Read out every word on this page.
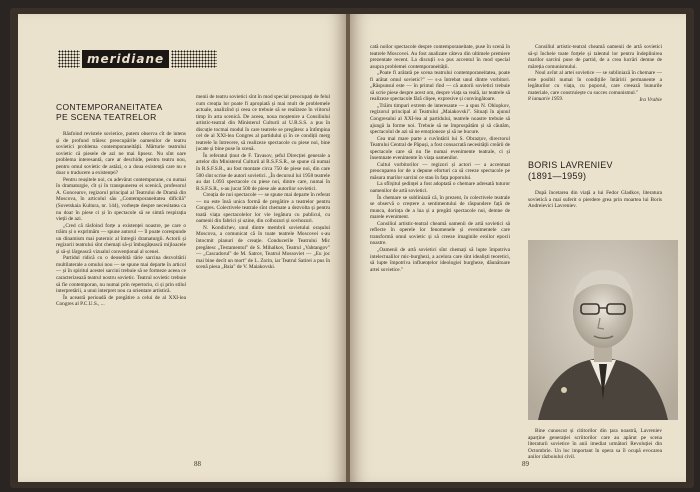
meridiane
CONTEMPORANEITATEA
PE SCENA TEATRELOR

Răsfoind revistele sovietice, putem observa cît de intens și de profund trăiesc preocupările oamenilor de teatru sovietici problema contemporaneității. Mărturie teatrului sovietic că piesele de azi ne mai lipsesc. Nu sînt oare problema interesantă, care ar deschide, pentru teatru nou, pentru omul sovietic de astăzi, o a doua existență care nu e doar o traducere a existenței?

Pentru reușitele noi, cu adevărat contemporane, cu numai în dramaturgie, cît și în transpunerea ei scenică, profesorul A. Goncearov, regizorul principal al Teatrului de Dramă din Moscova, în articolul său „Contemporaneitatea dificilă" (Sovetskaia Kultura, nr. 144), vorbește despre necesitatea ca nu doar în piese ci și în spectacole să se simtă respirația vieții de azi.

„Cred că răsfoind forțe a existenței noastre, pe care o trăim și o exprimăm — spune autorul — îl poate corespunde un dinamism mai puternic al întregii dramaturgii. Actorii și regizorii teatrului sînt chemați să-și îmbogățească mijloacele și să-și lărgească vizualul convențional al scenei.

Partidul ridică cu o deosebită tărie sarcina dezvoltării multilaterale a omului nou — se spune mai departe în articol — și în spiritul acestei sarcini trebuie să se formeze aceea ce caracterizează teatrul nostru sovietic. Teatrul sovietic trebuie să fie contemporan, nu numai prin repertoriu, ci și prin stilul interpretării, a unui interpret nou ca orientare artistică.

În această perioadă de pregătire a celui de al XXI-lea Congres al P.C.U.S., ...

menii de teatru sovietici sînt în mod special preocupați de felul cum creația lor poate fi apropiată și mai mult de problemele actuale, analizînd și ceea ce trebuie să se realizeze în viitorul timp în arta scenică. De aceea, noua moștenire a Consiliului artistic-teatral din Ministerul Culturii al U.R.S.S. a pus în discuție tocmai modul în care teatrele se pregătesc a întîmpina cel de al XXI-lea Congres al partidului și în ce condiții merg teatrele în întrecere, să realizeze spectacole cu piese noi, bine jucate și bine puse în scenă.

În referatul ținut de F. Tavasov, șeful Direcției generale a artelor din Ministerul Culturii al R.S.F.S.R., se spune că numai în R.S.F.S.R., au fost montate circa 750 de piese noi, din care 500 sînt scrise de autori sovietici. „În decursul lui 1958 teatrele au dat 1.093 spectacole cu piese noi, dintre care, numai în R.S.F.S.R., s-au jucat 500 de piese ale autorilor sovietici.

Creația de noi spectacole — se spune mai departe în referat — nu este însă unica formă de pregătire a teatrelor pentru Congres. Colectivele teatrale sînt chemate a dezvolta și pentru toată viața spectacolelor lor vie legătura cu publicul, cu oamenii din fabrici și uzine, din colhozuri și sovhozuri.

N. Kondichev, unul dintre membrii sovietului orașului Moscova, a comunicat că în toate teatrele Moscovei s-au întocmit planuri de creație. Conducerile Teatrului Mic pregătesc „Testamentul" de S. Mihalkov, Teatrul „Vahtangov" — „Cascadorul" de M. Satrov, Teatrul Mossoviet — „Eu joc mai bine decît un mort" de L. Zorin, iar Teatrul Satirei a pus în scenă piesa „Baia" de V. Maiakovski.

88

cată noilor spectacole despre contemporaneitate, puse în scenă în teatrele Moscovei. Au fost analizate câteva din ultimele premiere prezentate recent. La discuții s-a pus accentul în mod special asupra problemei contemporaneității.

„Poate fi arătată pe scena teatrului contemporaneitatea, poate fi arătat omul sovietic?" — s-a întrebat unul dintre vorbitori. „Răspunsul este — în primul rînd — că autorii sovietici trebuie să scrie piese despre acest om, despre viața sa reală, iar teatrele să realizeze spectacole fără clișee, expresive și convingătoare.

„Trăim timpuri extrem de interesante — a spus N. Ohlopkov, regizorul principal al Teatrului „Maiakovski". Situați în ajunul Congresului al XXI-lea al partidului, teatrele noastre trebuie să ajungă la forme noi. Trebuie să ne împrospătăm și să căutăm, spectacolul de azi să ne emoționeze și să ne bucure.

Cea mai mare parte a cuvîntării lui S. Obrazțov, directorul Teatrului Central de Păpuși, a fost consacrată necesității creării de spectacole care să nu fie numai evenimente teatrale, ci și însemnate evenimente în viața oamenilor.

Cultul vorbitorilor — regizori și actori — a accentuat preocuparea lor de a depune eforturi ca să creeze spectacole pe măsura marilor sarcini ce stau în fața poporului.

La sfîrșitul ședinței a fost adoptată o chemare adresată tuturor oamenilor de artă sovietici.

În chemare se subliniază că, în prezent, în colectivele teatrale se observă o creștere a sentimentului de răspundere față de munca, dorința de a lua și a pregăti spectacole noi, demne de marele eveniment.

Consiliul artistic-teatral cheamă oamenii de artă sovietici să reflecte în operele lor fenomenele și evenimentele care transformă omul sovietic și să creeze imaginile eroilor epocii noastre.

„Oamenii de artă sovietici sînt chemați să lupte împotriva intelectualilor mic-burghezi, a acelora care sînt idealiști teoretici, să lupte împotriva influențelor ideologiei burgheze, dăunătoare artei sovietice."

Consiliul artistic-teatral cheamă oamenii de artă sovietici să-și încheie toate forțele și talentul lor pentru îndeplinirea marilor sarcini puse de partid, de a crea lucrări demne de măreția comunismului.

Noul avînt al artei sovietice — se subliniază în chemare — este posibil numai în condițiile întăririi permanente a legăturilor cu viața, cu poporul, care creează bunurile materiale, care construiește cu succes comunismul."

8 ianuarie 1959.	Ira Vrabie

BORIS LAVRENIEV
(1891—1959)

După încetarea din viață a lui Fedor Gladkov, literatura sovietică a mai suferit o pierdere grea prin moartea lui Boris Andreievici Lavreniev.

Bine cunoscut și cititorilor din țara noastră, Lavreniev aparține generației scriitorilor care au apărut pe scena literaturii sovietice în anii imediat următori Revoluției din Octombrie. Un loc important în opera sa îl ocupă evocarea anilor războiului civil.

89
